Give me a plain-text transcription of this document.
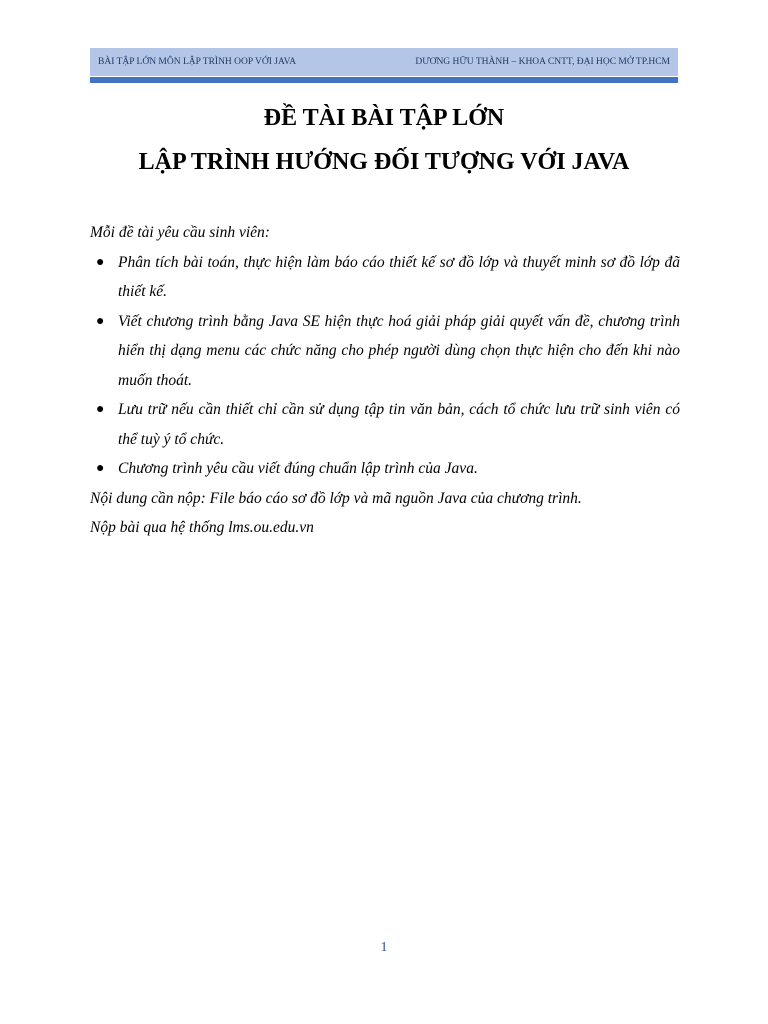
BÀI TẬP LỚN MÔN LẬP TRÌNH OOP VỚI JAVA	DƯƠNG HỮU THÀNH – KHOA CNTT, ĐẠI HỌC MỞ TP.HCM
ĐỀ TÀI BÀI TẬP LỚN
LẬP TRÌNH HƯỚNG ĐỐI TƯỢNG VỚI JAVA

Mỗi đề tài yêu cầu sinh viên:

● Phân tích bài toán, thực hiện làm báo cáo thiết kế sơ đồ lớp và thuyết minh sơ đồ lớp đã thiết kế.
● Viết chương trình bằng Java SE hiện thực hoá giải pháp giải quyết vấn đề, chương trình hiển thị dạng menu các chức năng cho phép người dùng chọn thực hiện cho đến khi nào muốn thoát.
● Lưu trữ nếu cần thiết chỉ cần sử dụng tập tin văn bản, cách tổ chức lưu trữ sinh viên có thể tuỳ ý tổ chức.
● Chương trình yêu cầu viết đúng chuẩn lập trình của Java.

Nội dung cần nộp: File báo cáo sơ đồ lớp và mã nguồn Java của chương trình.

Nộp bài qua hệ thống lms.ou.edu.vn

1
